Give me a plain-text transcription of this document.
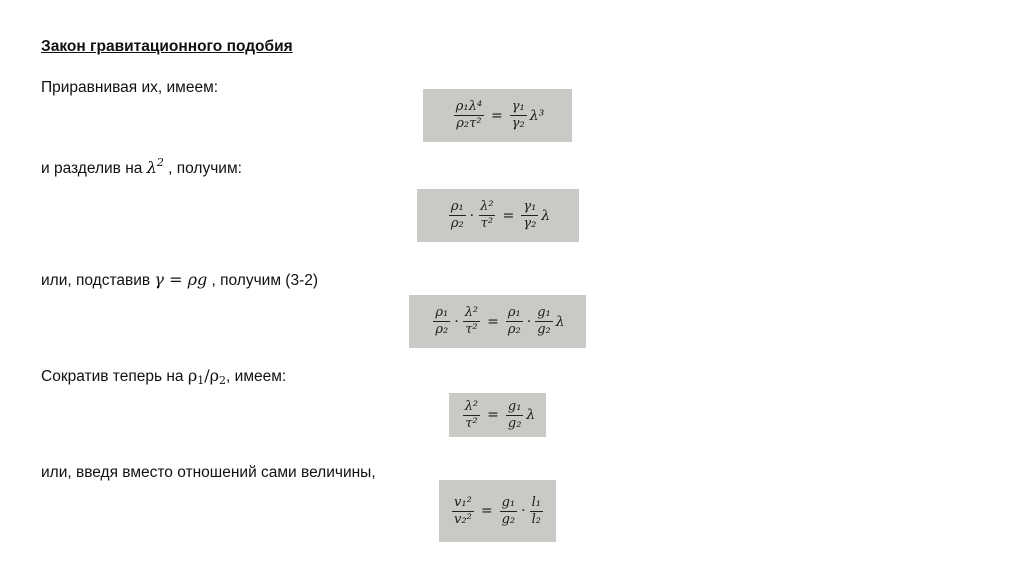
Закон гравитационного подобия
Приравнивая их, имеем:
$\frac{\text{ρ₁λ⁴}}{\text{ρ₂τ²}} = \frac{\text{γ₁}}{\text{γ₂}} \lambda^3$
и разделив на $\lambda^2$ , получим:
$\frac{\text{ρ₁}}{\text{ρ₂}} \cdot \frac{\text{λ²}}{\text{τ²}} = \frac{\text{γ₁}}{\text{γ₂}}$ λ
или, подставив γ = ρg , получим (3-2)
$\frac{\text{ρ₁}}{\text{ρ₂}} \cdot \frac{\text{λ²}}{\text{τ²}} = \frac{\text{ρ₁}}{\text{ρ₂}} \cdot \frac{\text{g₁}}{\text{g₂}}$ λ
Сократив теперь на $\rho_1/\rho_2$, имеем:
$\frac{\text{λ²}}{\text{τ²}} = \frac{\text{g₁}}{\text{g₂}}$ λ
или, введя вместо отношений сами величины,
$\frac{\text{v₁²}}{\text{v₂²}} = \frac{\text{g₁}}{\text{g₂}} \cdot \frac{\text{l₁}}{\text{l₂}}$
